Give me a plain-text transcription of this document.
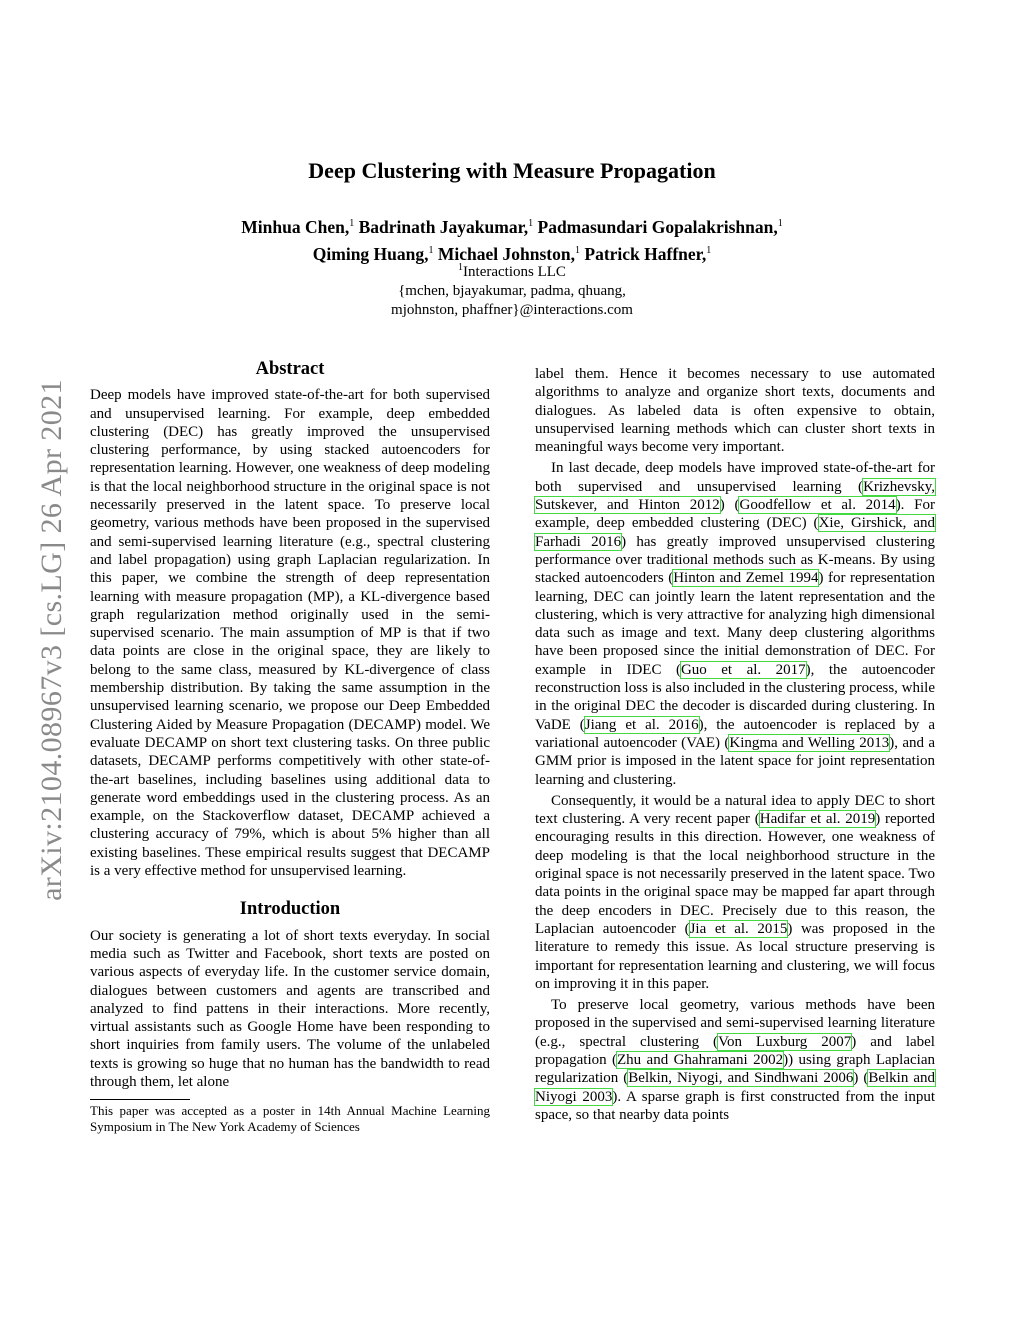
arXiv:2104.08967v3 [cs.LG] 26 Apr 2021
Deep Clustering with Measure Propagation
Minhua Chen,$^1$ Badrinath Jayakumar,$^1$ Padmasundari Gopalakrishnan,$^1$
Qiming Huang,$^1$ Michael Johnston,$^1$ Patrick Haffner,$^1$
$^1$Interactions LLC
{mchen, bjayakumar, padma, qhuang,
mjohnston, phaffner}@interactions.com
Abstract

Deep models have improved state-of-the-art for both supervised and unsupervised learning. For example, deep embedded clustering (DEC) has greatly improved the unsupervised clustering performance, by using stacked autoencoders for representation learning. However, one weakness of deep modeling is that the local neighborhood structure in the original space is not necessarily preserved in the latent space. To preserve local geometry, various methods have been proposed in the supervised and semi-supervised learning literature (e.g., spectral clustering and label propagation) using graph Laplacian regularization. In this paper, we combine the strength of deep representation learning with measure propagation (MP), a KL-divergence based graph regularization method originally used in the semi-supervised scenario. The main assumption of MP is that if two data points are close in the original space, they are likely to belong to the same class, measured by KL-divergence of class membership distribution. By taking the same assumption in the unsupervised learning scenario, we propose our Deep Embedded Clustering Aided by Measure Propagation (DECAMP) model. We evaluate DECAMP on short text clustering tasks. On three public datasets, DECAMP performs competitively with other state-of-the-art baselines, including baselines using additional data to generate word embeddings used in the clustering process. As an example, on the Stackoverflow dataset, DECAMP achieved a clustering accuracy of 79%, which is about 5% higher than all existing baselines. These empirical results suggest that DECAMP is a very effective method for unsupervised learning.

Introduction

Our society is generating a lot of short texts everyday. In social media such as Twitter and Facebook, short texts are posted on various aspects of everyday life. In the customer service domain, dialogues between customers and agents are transcribed and analyzed to find pattens in their interactions. More recently, virtual assistants such as Google Home have been responding to short inquiries from family users. The volume of the unlabeled texts is growing so huge that no human has the bandwidth to read through them, let alone

This paper was accepted as a poster in 14th Annual Machine Learning Symposium in The New York Academy of Sciences

label them. Hence it becomes necessary to use automated algorithms to analyze and organize short texts, documents and dialogues. As labeled data is often expensive to obtain, unsupervised learning methods which can cluster short texts in meaningful ways become very important.

In last decade, deep models have improved state-of-the-art for both supervised and unsupervised learning (Krizhevsky, Sutskever, and Hinton 2012) (Goodfellow et al. 2014). For example, deep embedded clustering (DEC) (Xie, Girshick, and Farhadi 2016) has greatly improved unsupervised clustering performance over traditional methods such as K-means. By using stacked autoencoders (Hinton and Zemel 1994) for representation learning, DEC can jointly learn the latent representation and the clustering, which is very attractive for analyzing high dimensional data such as image and text. Many deep clustering algorithms have been proposed since the initial demonstration of DEC. For example in IDEC (Guo et al. 2017), the autoencoder reconstruction loss is also included in the clustering process, while in the original DEC the decoder is discarded during clustering. In VaDE (Jiang et al. 2016), the autoencoder is replaced by a variational autoencoder (VAE) (Kingma and Welling 2013), and a GMM prior is imposed in the latent space for joint representation learning and clustering.

Consequently, it would be a natural idea to apply DEC to short text clustering. A very recent paper (Hadifar et al. 2019) reported encouraging results in this direction. However, one weakness of deep modeling is that the local neighborhood structure in the original space is not necessarily preserved in the latent space. Two data points in the original space may be mapped far apart through the deep encoders in DEC. Precisely due to this reason, the Laplacian autoencoder (Jia et al. 2015) was proposed in the literature to remedy this issue. As local structure preserving is important for representation learning and clustering, we will focus on improving it in this paper.

To preserve local geometry, various methods have been proposed in the supervised and semi-supervised learning literature (e.g., spectral clustering (Von Luxburg 2007) and label propagation (Zhu and Ghahramani 2002)) using graph Laplacian regularization (Belkin, Niyogi, and Sindhwani 2006) (Belkin and Niyogi 2003). A sparse graph is first constructed from the input space, so that nearby data points
